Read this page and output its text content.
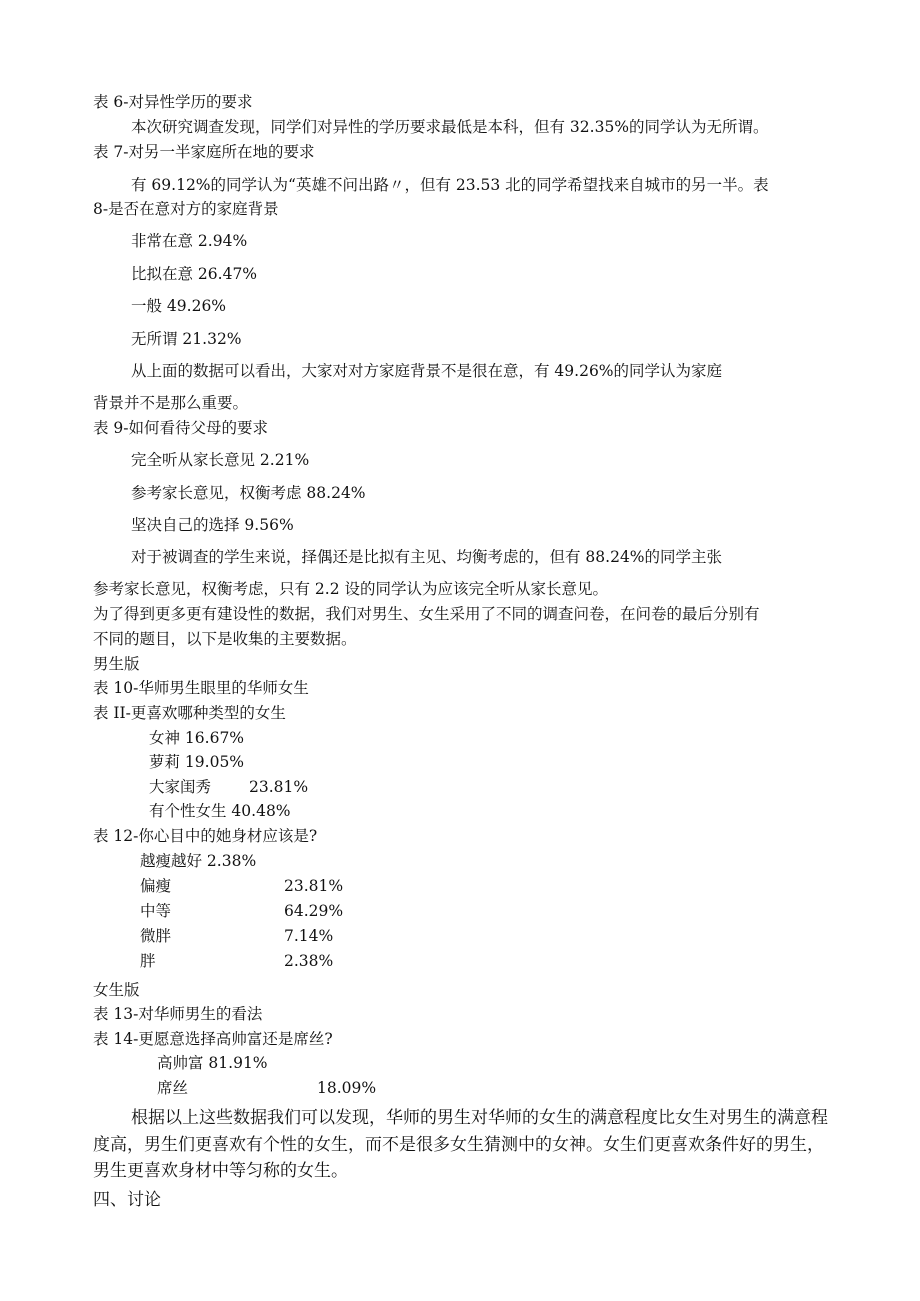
表 6-对异性学历的要求
本次研究调查发现，同学们对异性的学历要求最低是本科，但有 32.35%的同学认为无所谓。
表 7-对另一半家庭所在地的要求
有 69.12%的同学认为“英雄不问出路〃，但有 23.53 北的同学希望找来自城市的另一半。表
8-是否在意对方的家庭背景
非常在意 2.94%
比拟在意 26.47%
一般 49.26%
无所谓 21.32%
从上面的数据可以看出，大家对对方家庭背景不是很在意，有 49.26%的同学认为家庭
背景并不是那么重要。
表 9-如何看待父母的要求
完全听从家长意见 2.21%
参考家长意见，权衡考虑 88.24%
坚决自己的选择 9.56%
对于被调查的学生来说，择偶还是比拟有主见、均衡考虑的，但有 88.24%的同学主张
参考家长意见，权衡考虑，只有 2.2 设的同学认为应该完全听从家长意见。
为了得到更多更有建设性的数据，我们对男生、女生采用了不同的调查问卷，在问卷的最后分别有
不同的题目，以下是收集的主要数据。
男生版
表 10-华师男生眼里的华师女生
表 II-更喜欢哪种类型的女生
女神 16.67%
萝莉 19.05%
大家闺秀 23.81%
有个性女生 40.48%
表 12-你心目中的她身材应该是?
越瘦越好 2.38%
偏瘦	23.81%
中等	64.29%
微胖	7.14%
胖	2.38%
女生版
表 13-对华师男生的看法
表 14-更愿意选择高帅富还是席丝?
高帅富 81.91%
席丝	18.09%
根据以上这些数据我们可以发现，华师的男生对华师的女生的满意程度比女生对男生的满意程
度高，男生们更喜欢有个性的女生，而不是很多女生猜测中的女神。女生们更喜欢条件好的男生，
男生更喜欢身材中等匀称的女生。
四、讨论
